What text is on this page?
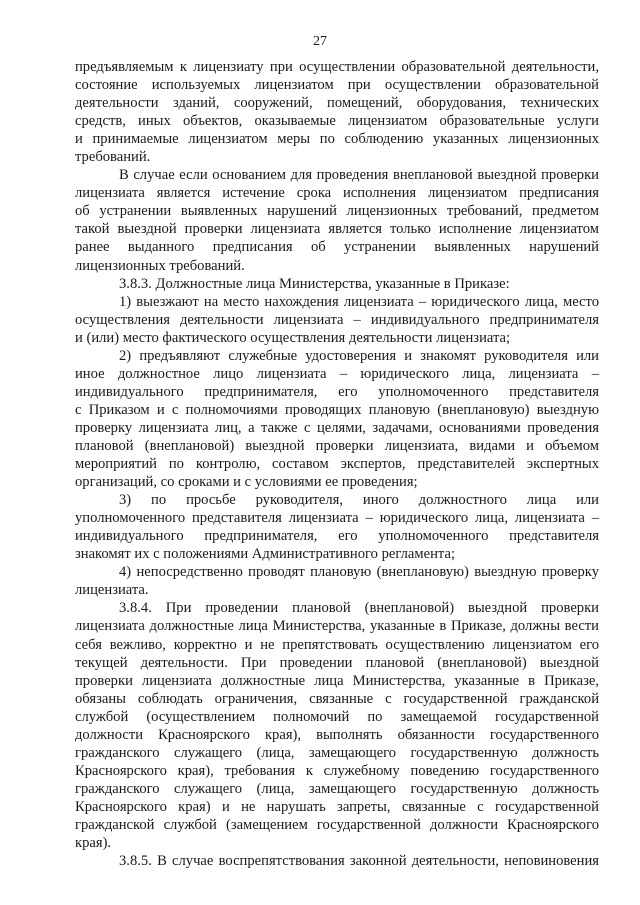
27

предъявляемым к лицензиату при осуществлении образовательной деятельности,

состояние используемых лицензиатом при осуществлении образовательной

деятельности зданий, сооружений, помещений, оборудования, технических

средств, иных объектов, оказываемые лицензиатом образовательные услуги

и принимаемые лицензиатом меры по соблюдению указанных лицензионных

требований.

В случае если основанием для проведения внеплановой выездной проверки

лицензиата является истечение срока исполнения лицензиатом предписания

об устранении выявленных нарушений лицензионных требований, предметом

такой выездной проверки лицензиата является только исполнение лицензиатом

ранее выданного предписания об устранении выявленных нарушений

лицензионных требований.

3.8.3. Должностные лица Министерства, указанные в Приказе:

1) выезжают на место нахождения лицензиата – юридического лица, место

осуществления деятельности лицензиата – индивидуального предпринимателя

и (или) место фактического осуществления деятельности лицензиата;

2) предъявляют служебные удостоверения и знакомят руководителя или

иное должностное лицо лицензиата – юридического лица, лицензиата –

индивидуального предпринимателя, его уполномоченного представителя

с Приказом и с полномочиями проводящих плановую (внеплановую) выездную

проверку лицензиата лиц, а также с целями, задачами, основаниями проведения

плановой (внеплановой) выездной проверки лицензиата, видами и объемом

мероприятий по контролю, составом экспертов, представителей экспертных

организаций, со сроками и с условиями ее проведения;

3) по просьбе руководителя, иного должностного лица или

уполномоченного представителя лицензиата – юридического лица, лицензиата –

индивидуального предпринимателя, его уполномоченного представителя

знакомят их с положениями Административного регламента;

4) непосредственно проводят плановую (внеплановую) выездную проверку

лицензиата.

3.8.4. При проведении плановой (внеплановой) выездной проверки

лицензиата должностные лица Министерства, указанные в Приказе, должны вести

себя вежливо, корректно и не препятствовать осуществлению лицензиатом его

текущей деятельности. При проведении плановой (внеплановой) выездной

проверки лицензиата должностные лица Министерства, указанные в Приказе,

обязаны соблюдать ограничения, связанные с государственной гражданской

службой (осуществлением полномочий по замещаемой государственной

должности Красноярского края), выполнять обязанности государственного

гражданского служащего (лица, замещающего государственную должность

Красноярского края), требования к служебному поведению государственного

гражданского служащего (лица, замещающего государственную должность

Красноярского края) и не нарушать запреты, связанные с государственной

гражданской службой (замещением государственной должности Красноярского

края).

3.8.5. В случае воспрепятствования законной деятельности, неповиновения
